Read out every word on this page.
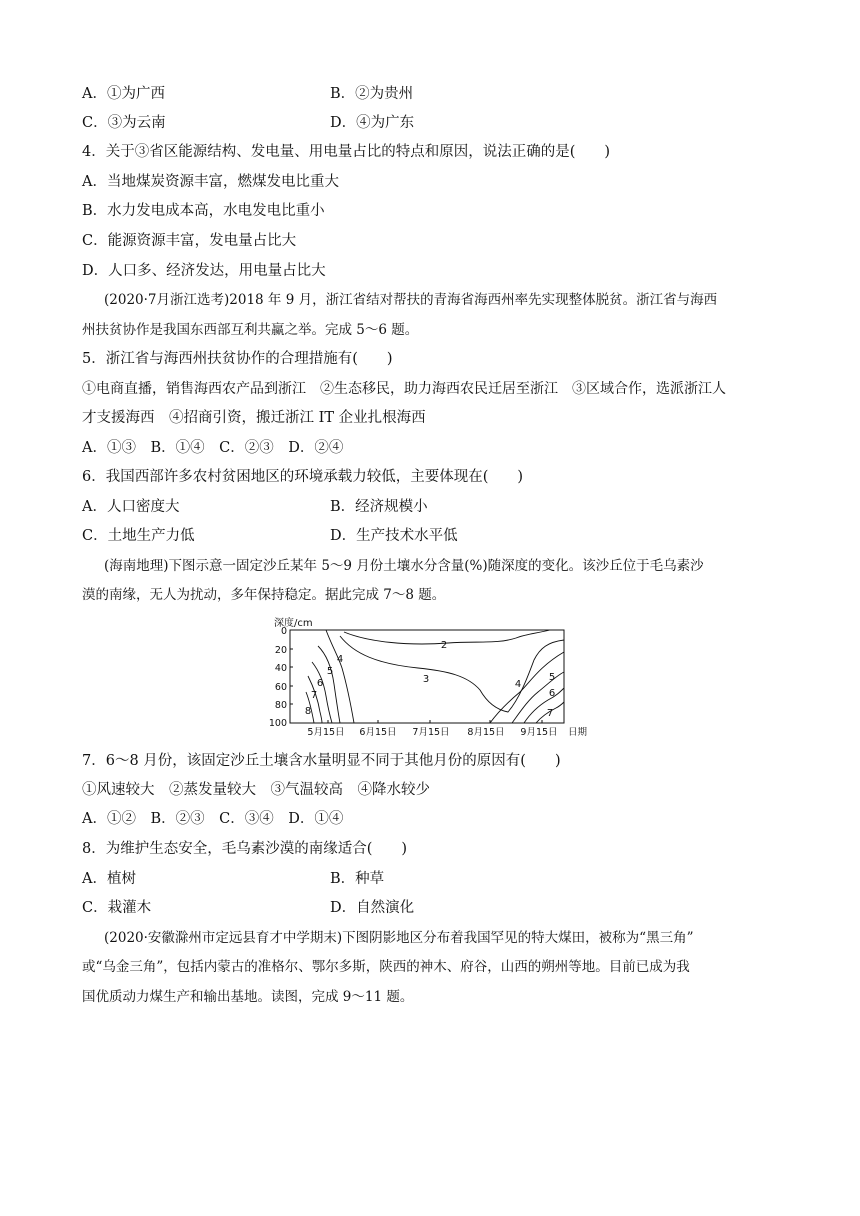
A．①为广西	B．②为贵州
C．③为云南	D．④为广东
4．关于③省区能源结构、发电量、用电量占比的特点和原因，说法正确的是(　　)
A．当地煤炭资源丰富，燃煤发电比重大
B．水力发电成本高，水电发电比重小
C．能源资源丰富，发电量占比大
D．人口多、经济发达，用电量占比大
(2020·7月浙江选考)2018 年 9 月，浙江省结对帮扶的青海省海西州率先实现整体脱贫。浙江省与海西
州扶贫协作是我国东西部互利共赢之举。完成 5～6 题。
5．浙江省与海西州扶贫协作的合理措施有(　　)
①电商直播，销售海西农产品到浙江　②生态移民，助力海西农民迁居至浙江　③区域合作，选派浙江人
才支援海西　④招商引资，搬迁浙江 IT 企业扎根海西
A．①③　B．①④　C．②③　D．②④
6．我国西部许多农村贫困地区的环境承载力较低，主要体现在(　　)
A．人口密度大	B．经济规模小
C．土地生产力低	D．生产技术水平低
(海南地理)下图示意一固定沙丘某年 5～9 月份土壤水分含量(%)随深度的变化。该沙丘位于毛乌素沙
漠的南缘，无人为扰动，多年保持稳定。据此完成 7～8 题。
深度/cm
0
20
40
60
80
100
5月15日 6月15日 7月15日 8月15日 9月15日 日期
2
3
4
4
5
5
6
6
7
7
8
7．6～8 月份，该固定沙丘土壤含水量明显不同于其他月份的原因有(　　)
①风速较大　②蒸发量较大　③气温较高　④降水较少
A．①②　B．②③　C．③④　D．①④
8．为维护生态安全，毛乌素沙漠的南缘适合(　　)
A．植树	B．种草
C．栽灌木	D．自然演化
(2020·安徽滁州市定远县育才中学期末)下图阴影地区分布着我国罕见的特大煤田，被称为“黑三角”
或“乌金三角”，包括内蒙古的准格尔、鄂尔多斯，陕西的神木、府谷，山西的朔州等地。目前已成为我
国优质动力煤生产和输出基地。读图，完成 9～11 题。
